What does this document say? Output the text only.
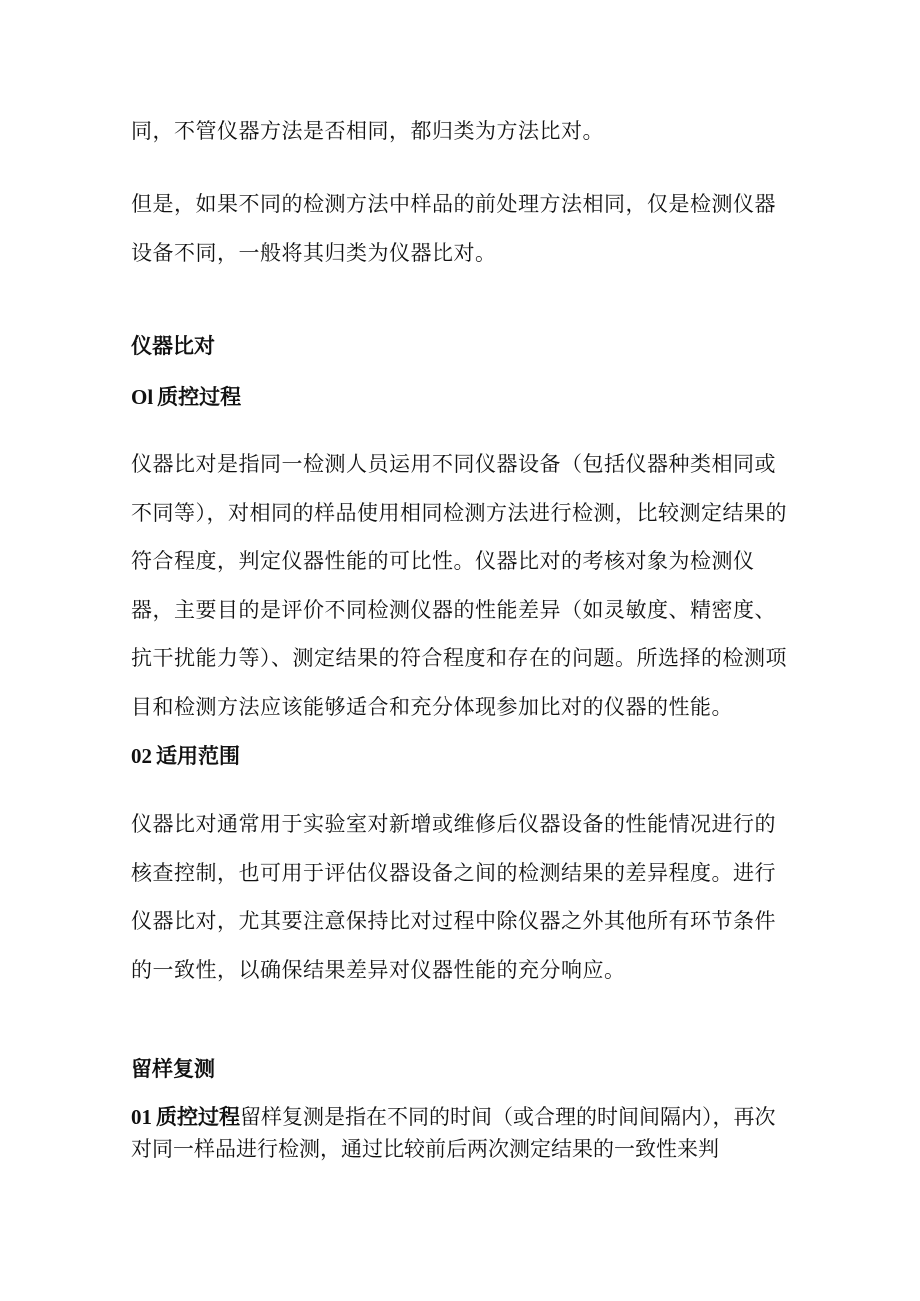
同，不管仪器方法是否相同，都归类为方法比对。

但是，如果不同的检测方法中样品的前处理方法相同，仅是检测仪器设备不同，一般将其归类为仪器比对。

仪器比对
Ol 质控过程

仪器比对是指同一检测人员运用不同仪器设备（包括仪器种类相同或不同等），对相同的样品使用相同检测方法进行检测，比较测定结果的符合程度，判定仪器性能的可比性。仪器比对的考核对象为检测仪器，主要目的是评价不同检测仪器的性能差异（如灵敏度、精密度、抗干扰能力等）、测定结果的符合程度和存在的问题。所选择的检测项目和检测方法应该能够适合和充分体现参加比对的仪器的性能。

02 适用范围

仪器比对通常用于实验室对新增或维修后仪器设备的性能情况进行的核查控制，也可用于评估仪器设备之间的检测结果的差异程度。进行仪器比对，尤其要注意保持比对过程中除仪器之外其他所有环节条件的一致性，以确保结果差异对仪器性能的充分响应。

留样复测

01 质控过程留样复测是指在不同的时间（或合理的时间间隔内），再次对同一样品进行检测，通过比较前后两次测定结果的一致性来判
